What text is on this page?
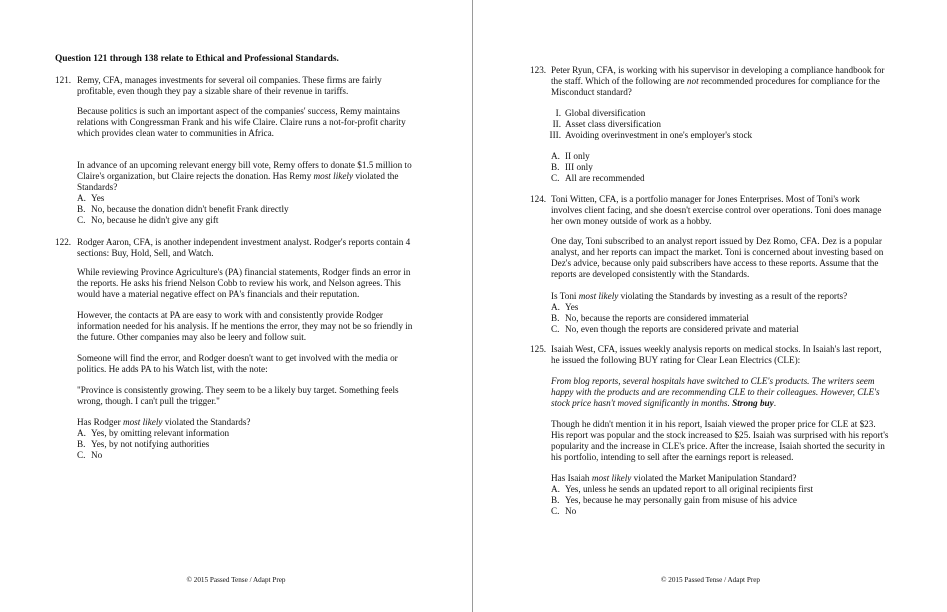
Question 121 through 138 relate to Ethical and Professional Standards.
121. Remy, CFA, manages investments for several oil companies. These firms are fairly
profitable, even though they pay a sizable share of their revenue in tariffs.
Because politics is such an important aspect of the companies' success, Remy maintains
relations with Congressman Frank and his wife Claire. Claire runs a not-for-profit charity
which provides clean water to communities in Africa.
In advance of an upcoming relevant energy bill vote, Remy offers to donate $1.5 million to
Claire's organization, but Claire rejects the donation. Has Remy most likely violated the
Standards?
A. Yes
B. No, because the donation didn't benefit Frank directly
C. No, because he didn't give any gift
122. Rodger Aaron, CFA, is another independent investment analyst. Rodger's reports contain 4
sections: Buy, Hold, Sell, and Watch.
While reviewing Province Agriculture's (PA) financial statements, Rodger finds an error in
the reports. He asks his friend Nelson Cobb to review his work, and Nelson agrees. This
would have a material negative effect on PA's financials and their reputation.
However, the contacts at PA are easy to work with and consistently provide Rodger
information needed for his analysis. If he mentions the error, they may not be so friendly in
the future. Other companies may also be leery and follow suit.
Someone will find the error, and Rodger doesn't want to get involved with the media or
politics. He adds PA to his Watch list, with the note:
"Province is consistently growing. They seem to be a likely buy target. Something feels
wrong, though. I can't pull the trigger."
Has Rodger most likely violated the Standards?
A. Yes, by omitting relevant information
B. Yes, by not notifying authorities
C. No
© 2015 Passed Tense / Adapt Prep
123. Peter Ryun, CFA, is working with his supervisor in developing a compliance handbook for
the staff. Which of the following are not recommended procedures for compliance for the
Misconduct standard?
I. Global diversification
II. Asset class diversification
III. Avoiding overinvestment in one's employer's stock
A. II only
B. III only
C. All are recommended
124. Toni Witten, CFA, is a portfolio manager for Jones Enterprises. Most of Toni's work
involves client facing, and she doesn't exercise control over operations. Toni does manage
her own money outside of work as a hobby.
One day, Toni subscribed to an analyst report issued by Dez Romo, CFA. Dez is a popular
analyst, and her reports can impact the market. Toni is concerned about investing based on
Dez's advice, because only paid subscribers have access to these reports. Assume that the
reports are developed consistently with the Standards.
Is Toni most likely violating the Standards by investing as a result of the reports?
A. Yes
B. No, because the reports are considered immaterial
C. No, even though the reports are considered private and material
125. Isaiah West, CFA, issues weekly analysis reports on medical stocks. In Isaiah's last report,
he issued the following BUY rating for Clear Lean Electrics (CLE):
From blog reports, several hospitals have switched to CLE's products. The writers seem
happy with the products and are recommending CLE to their colleagues. However, CLE's
stock price hasn't moved significantly in months. Strong buy.
Though he didn't mention it in his report, Isaiah viewed the proper price for CLE at $23.
His report was popular and the stock increased to $25. Isaiah was surprised with his report's
popularity and the increase in CLE's price. After the increase, Isaiah shorted the security in
his portfolio, intending to sell after the earnings report is released.
Has Isaiah most likely violated the Market Manipulation Standard?
A. Yes, unless he sends an updated report to all original recipients first
B. Yes, because he may personally gain from misuse of his advice
C. No
© 2015 Passed Tense / Adapt Prep
